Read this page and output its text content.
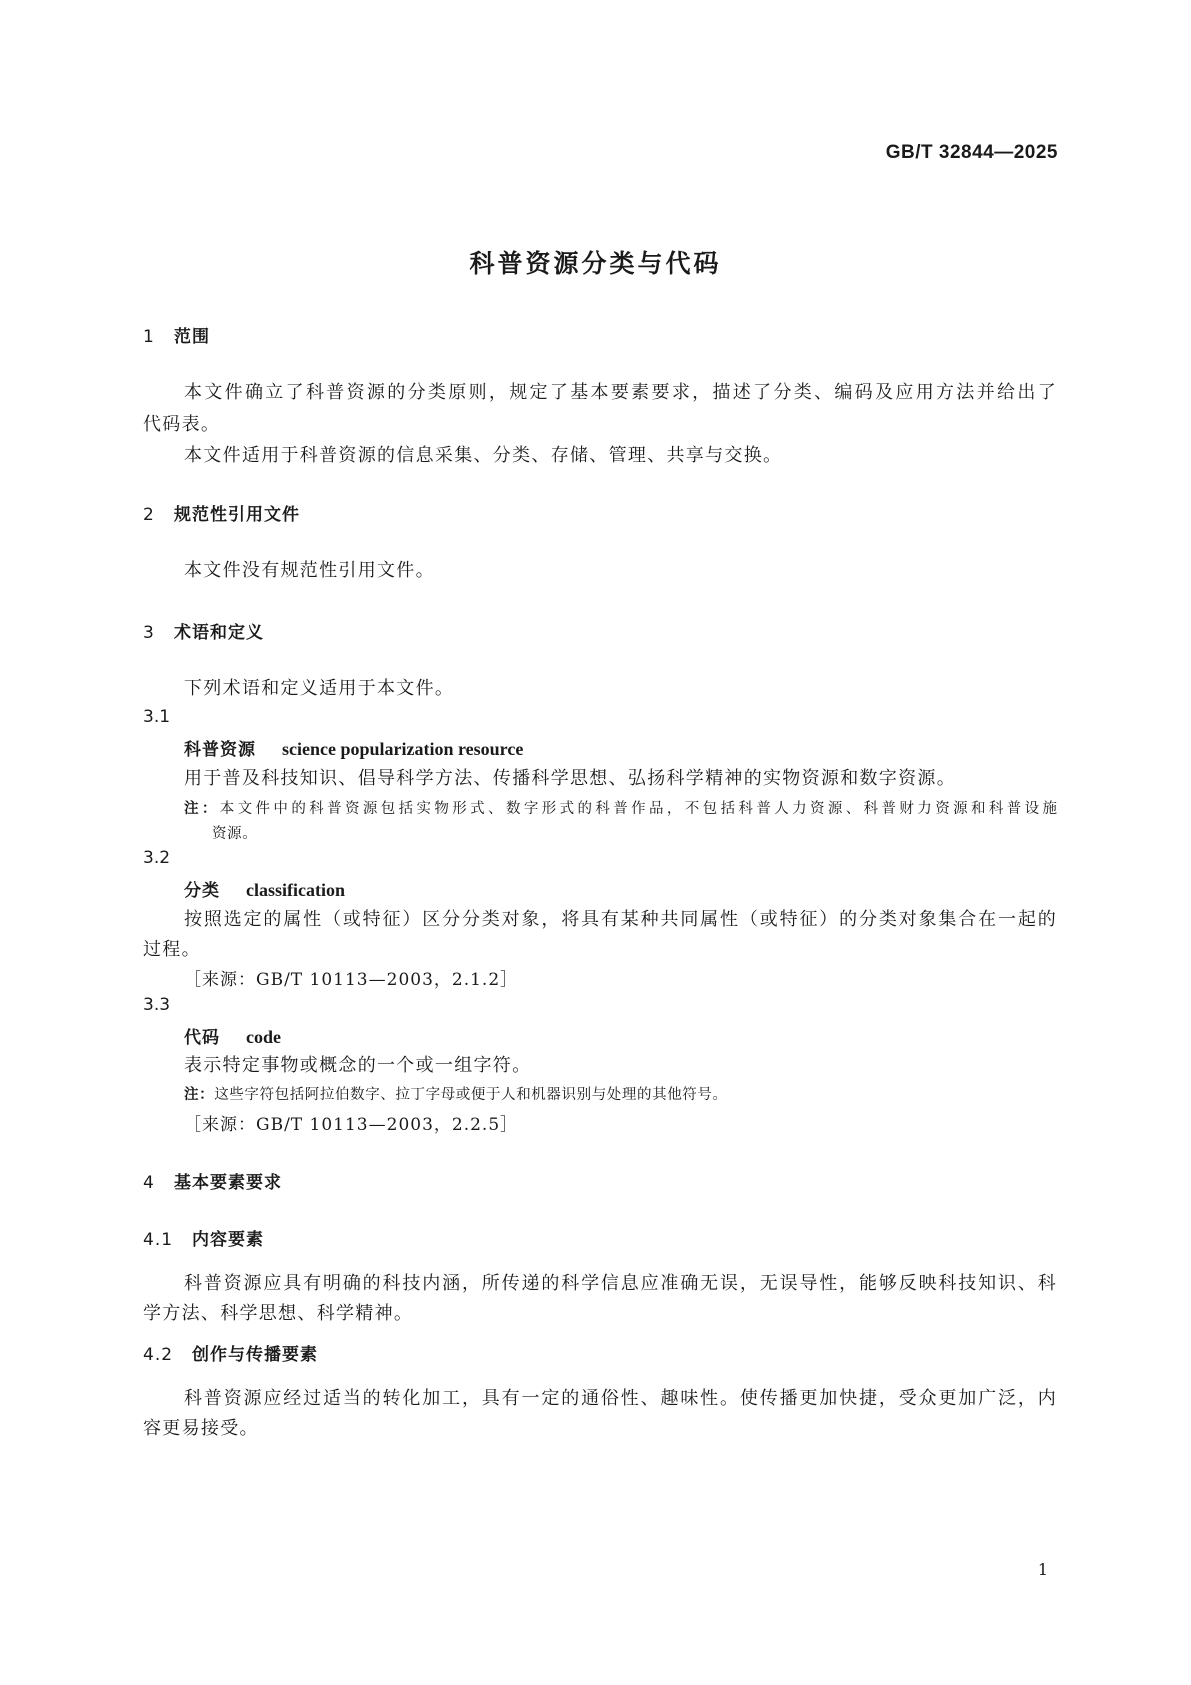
GB/T 32844—2025
科普资源分类与代码
1 范围
本文件确立了科普资源的分类原则，规定了基本要素要求，描述了分类、编码及应用方法并给出了
代码表。
本文件适用于科普资源的信息采集、分类、存储、管理、共享与交换。
2 规范性引用文件
本文件没有规范性引用文件。
3 术语和定义
下列术语和定义适用于本文件。
3.1
科普资源 science popularization resource
用于普及科技知识、倡导科学方法、传播科学思想、弘扬科学精神的实物资源和数字资源。
注：本文件中的科普资源包括实物形式、数字形式的科普作品，不包括科普人力资源、科普财力资源和科普设施
资源。
3.2
分类 classification
按照选定的属性（或特征）区分分类对象，将具有某种共同属性（或特征）的分类对象集合在一起的
过程。
［来源：GB/T 10113—2003，2.1.2］
3.3
代码 code
表示特定事物或概念的一个或一组字符。
注：这些字符包括阿拉伯数字、拉丁字母或便于人和机器识别与处理的其他符号。
［来源：GB/T 10113—2003，2.2.5］
4 基本要素要求
4.1 内容要素
科普资源应具有明确的科技内涵，所传递的科学信息应准确无误，无误导性，能够反映科技知识、科
学方法、科学思想、科学精神。
4.2 创作与传播要素
科普资源应经过适当的转化加工，具有一定的通俗性、趣味性。使传播更加快捷，受众更加广泛，内
容更易接受。
1
